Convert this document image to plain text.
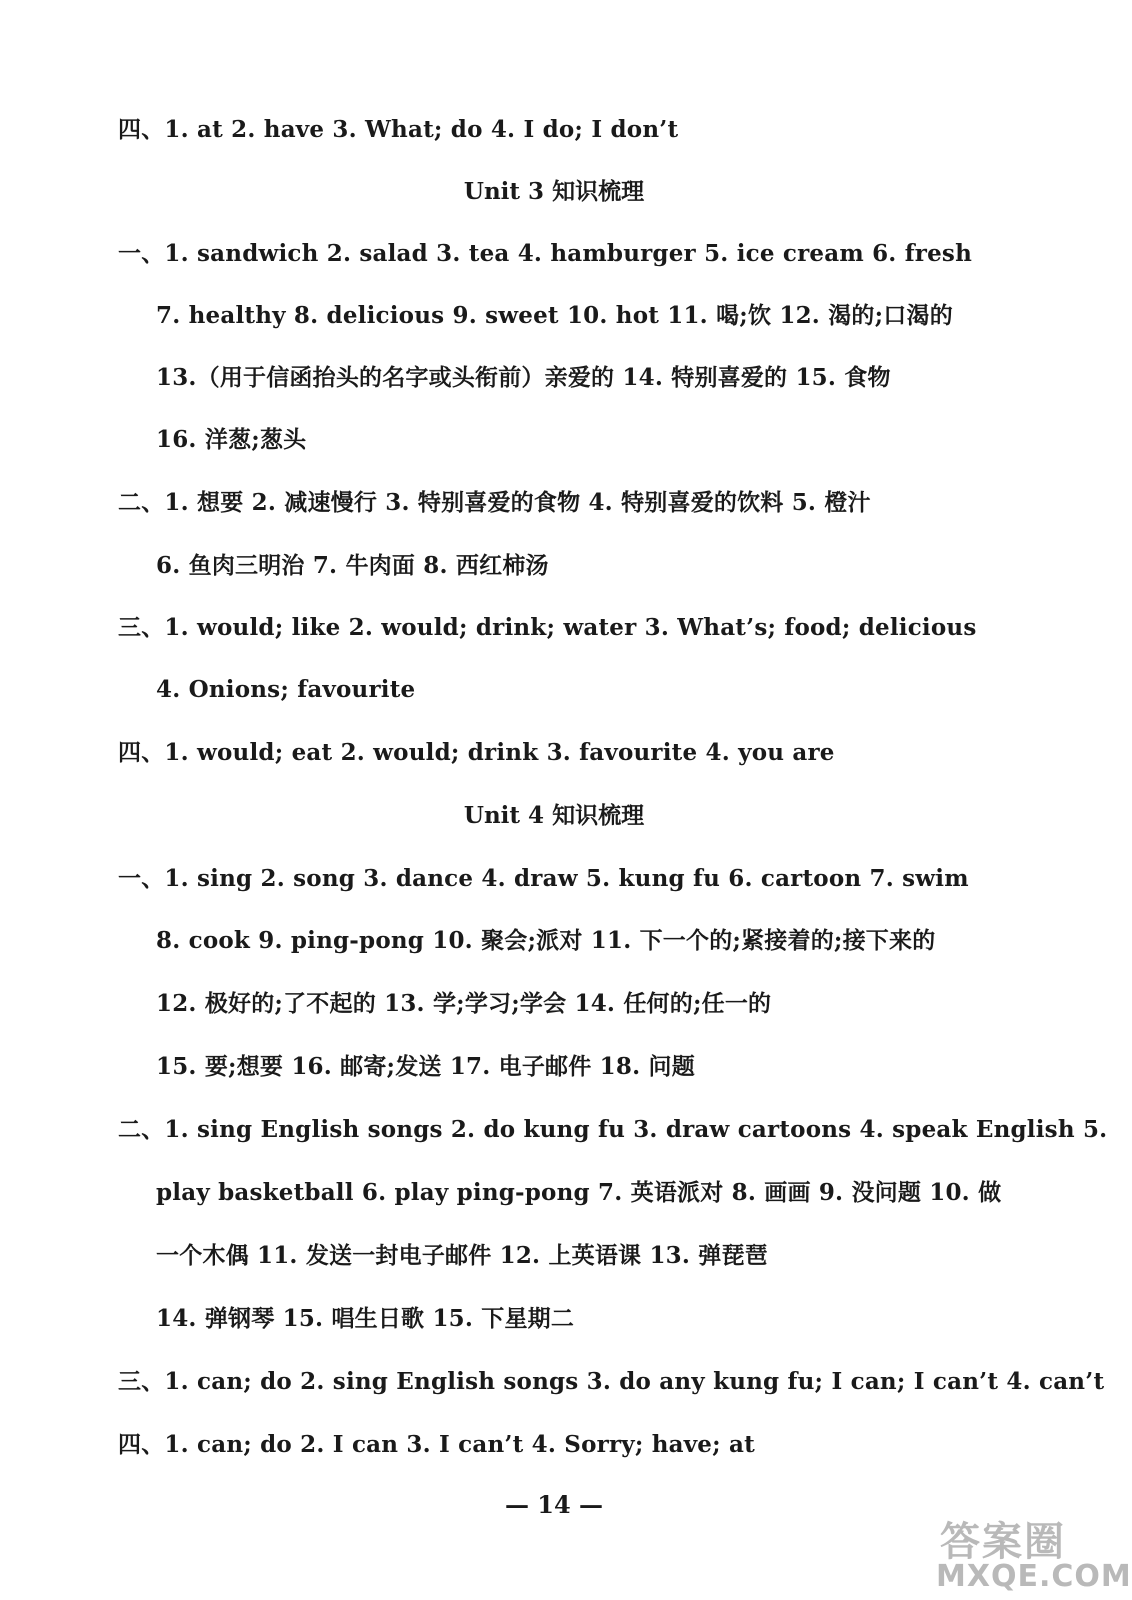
四、1. at 2. have 3. What; do 4. I do; I don’t
Unit 3 知识梳理
一、1. sandwich 2. salad 3. tea 4. hamburger 5. ice cream 6. fresh
7. healthy 8. delicious 9. sweet 10. hot 11. 喝;饮 12. 渴的;口渴的
13.（用于信函抬头的名字或头衔前）亲爱的 14. 特别喜爱的 15. 食物
16. 洋葱;葱头
二、1. 想要 2. 减速慢行 3. 特别喜爱的食物 4. 特别喜爱的饮料 5. 橙汁
6. 鱼肉三明治 7. 牛肉面 8. 西红柿汤
三、1. would; like 2. would; drink; water 3. What’s; food; delicious
4. Onions; favourite
四、1. would; eat 2. would; drink 3. favourite 4. you are
Unit 4 知识梳理
一、1. sing 2. song 3. dance 4. draw 5. kung fu 6. cartoon 7. swim
8. cook 9. ping-pong 10. 聚会;派对 11. 下一个的;紧接着的;接下来的
12. 极好的;了不起的 13. 学;学习;学会 14. 任何的;任一的
15. 要;想要 16. 邮寄;发送 17. 电子邮件 18. 问题
二、1. sing English songs 2. do kung fu 3. draw cartoons 4. speak English 5.
play basketball 6. play ping-pong 7. 英语派对 8. 画画 9. 没问题 10. 做
一个木偶 11. 发送一封电子邮件 12. 上英语课 13. 弹琵琶
14. 弹钢琴 15. 唱生日歌 15. 下星期二
三、1. can; do 2. sing English songs 3. do any kung fu; I can; I can’t 4. can’t
四、1. can; do 2. I can 3. I can’t 4. Sorry; have; at
— 14 —
答案圈
MXQE.COM
